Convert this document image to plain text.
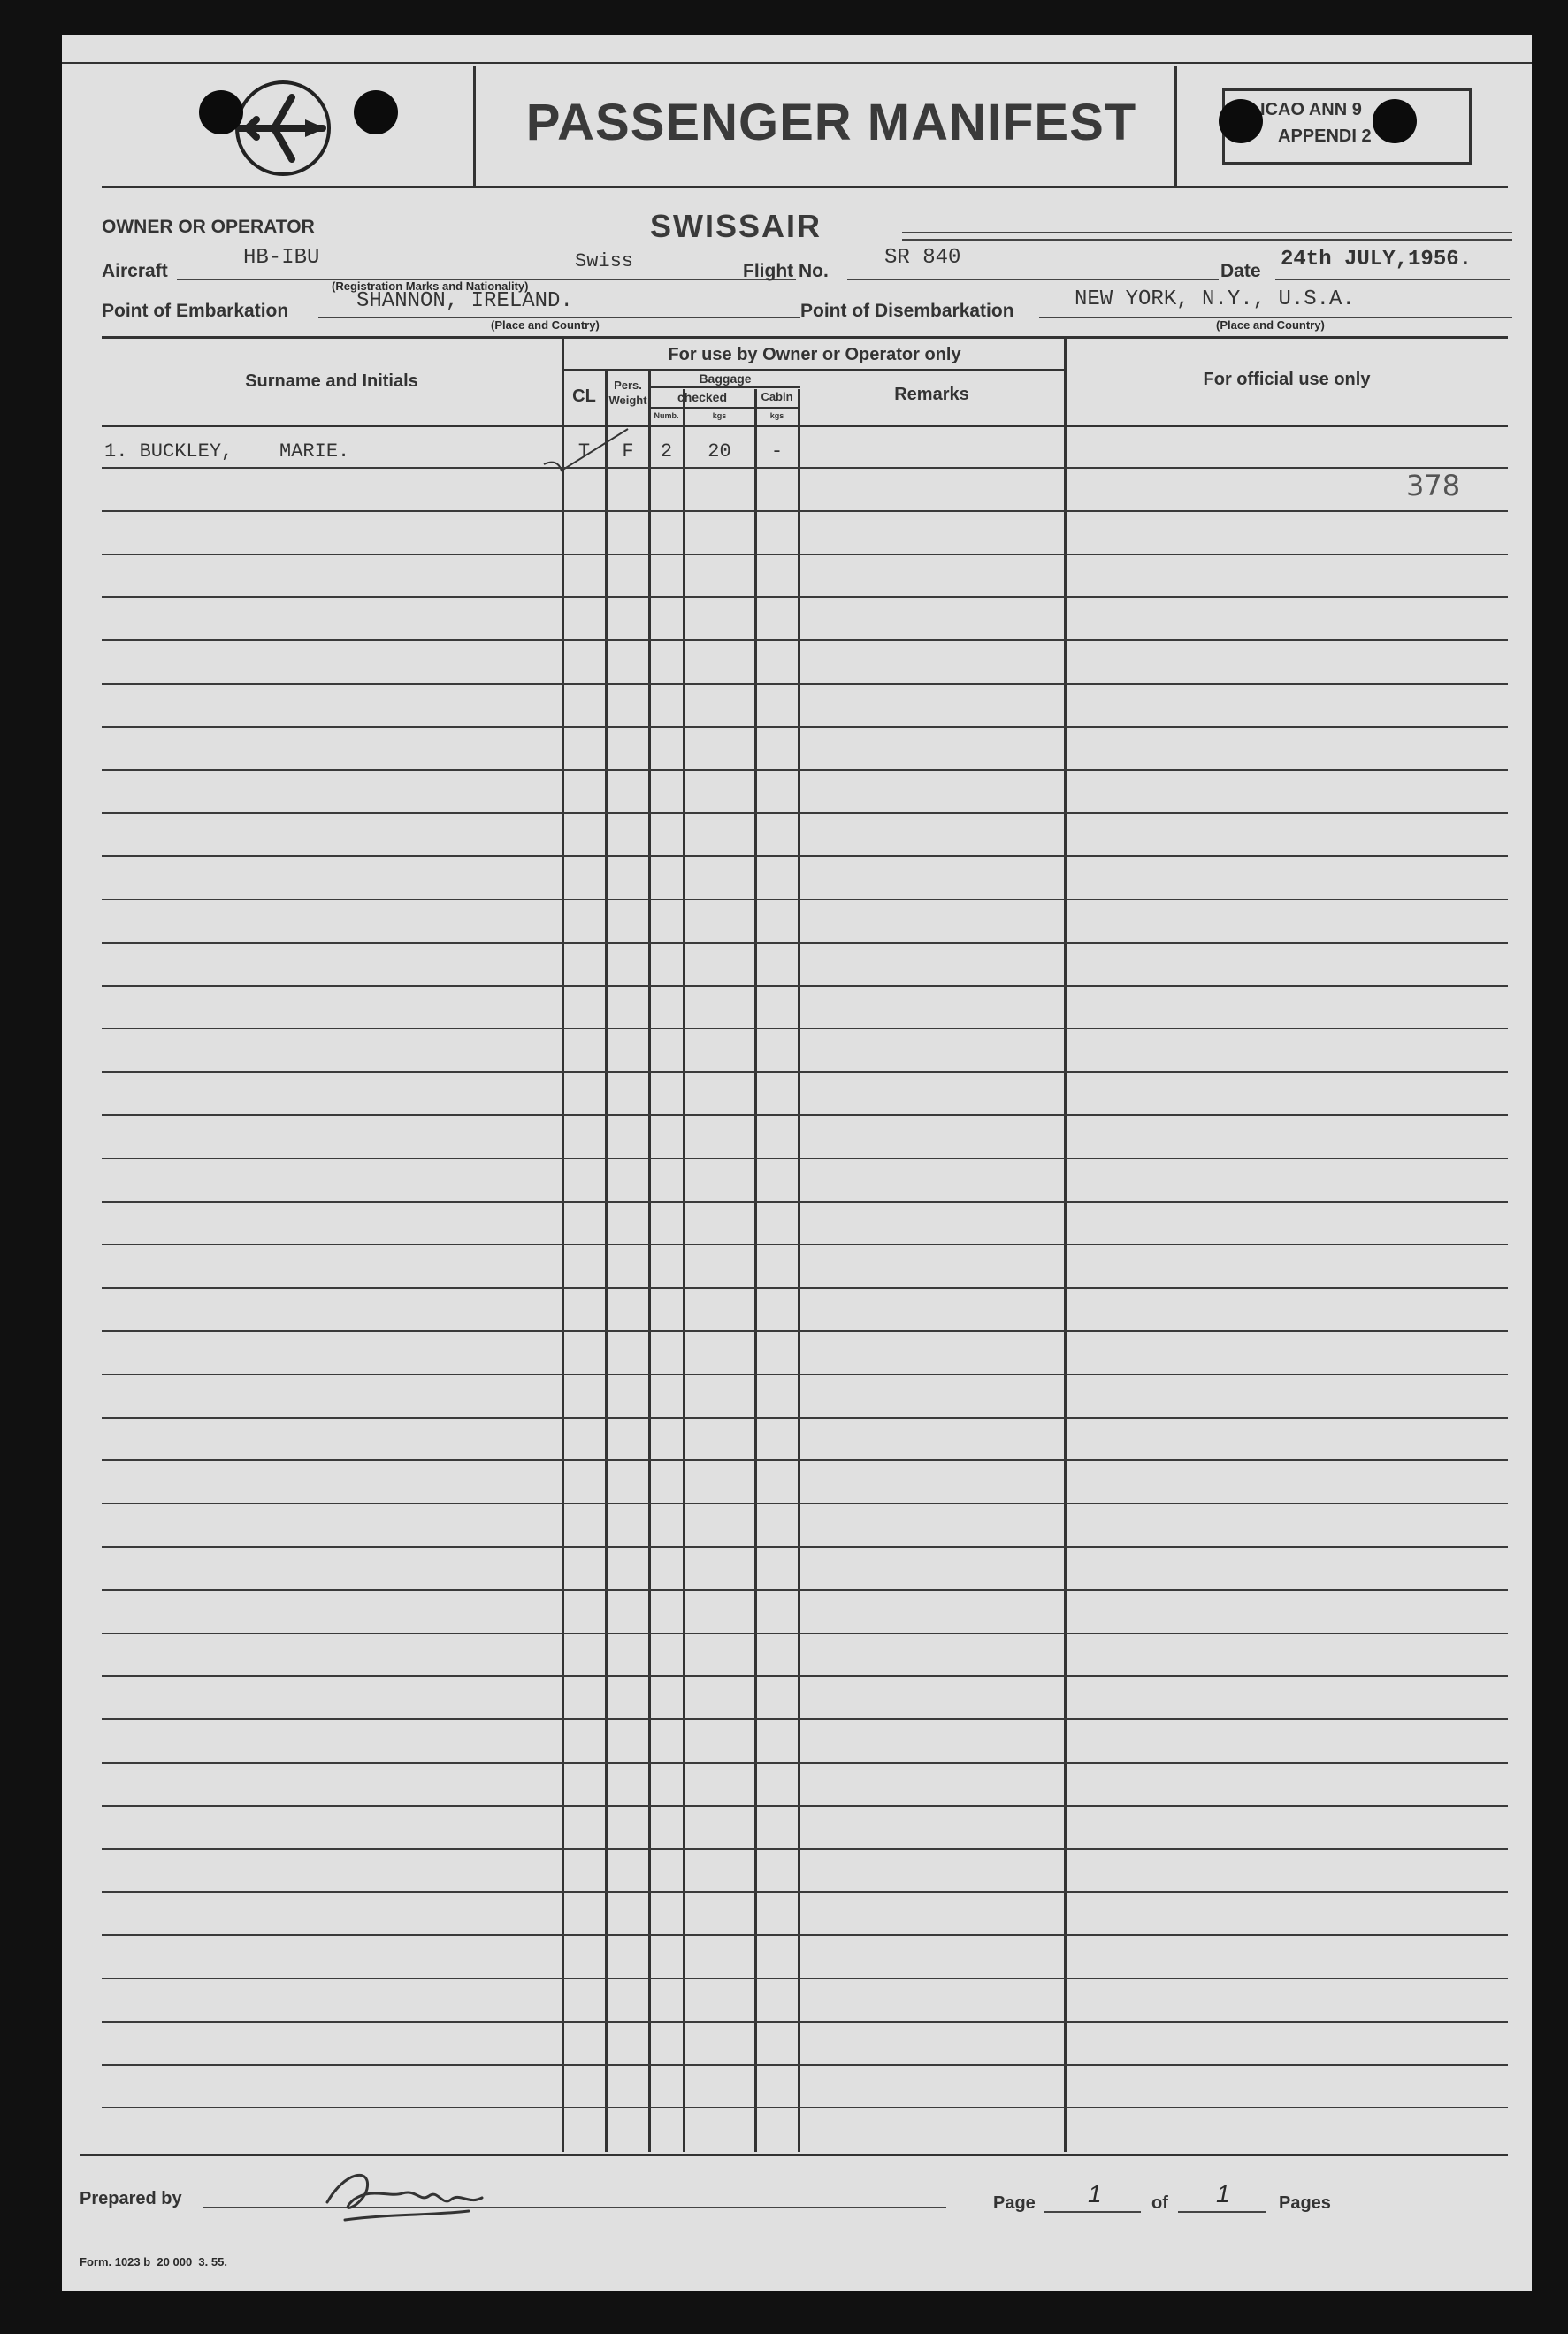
PASSENGER MANIFEST	ICAO ANN 9
APPENDI 2
OWNER OR OPERATOR	SWISSAIR
Aircraft
HB-IBU	Swiss
(Registration Marks and Nationality)
Flight No.
SR 840
Date 24th JULY,1956.
Point of Embarkation	SHANNON, IRELAND.
(Place and Country)
Point of Disembarkation	NEW YORK, N.Y., U.S.A.
(Place and Country)
Surname and Initials
For use by Owner or Operator only
CL
Pers.
Weight
Baggage
checked	Cabin
Numb.	kgs	kgs
Remarks
For official use only
1. BUCKLEY,    MARIE.	T	F	2	20	-
378
Prepared by	Page 1	of 1	Pages
Form. 1023 b  20 000  3. 55.
